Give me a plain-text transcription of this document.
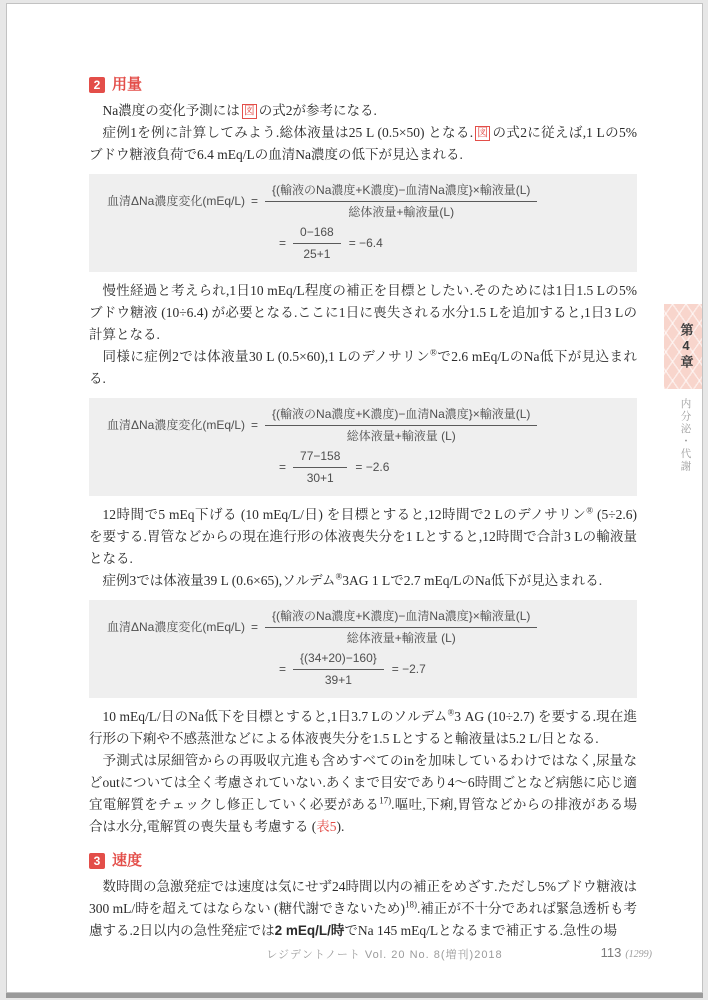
2 用量

Na濃度の変化予測には 図 の式2が参考になる.

症例1を例に計算してみよう.総体液量は25 L (0.5×50) となる. 図 の式2に従えば,1 Lの5%ブドウ糖液負荷で6.4 mEq/Lの血清Na濃度の低下が見込まれる.

血清ΔNa濃度変化$(mEq/L) = \frac{\text{\{(輸液のNa濃度+K濃度)−血清Na濃度\}×輸液量(L)}}{\text{総体液量+輸液量(L)}}$
= $\frac{0-168}{25+1} = -6.4$

慢性経過と考えられ,1日10 mEq/L程度の補正を目標としたい.そのためには1日1.5 Lの5%ブドウ糖液 (10÷6.4) が必要となる.ここに1日に喪失される水分1.5 Lを追加すると,1日3 Lの計算となる.

同様に症例2では体液量30 L (0.5×60),1 Lのデノサリン®で2.6 mEq/LのNa低下が見込まれる.

血清ΔNa濃度変化$(mEq/L) = \frac{\text{\{(輸液のNa濃度+K濃度)−血清Na濃度\}×輸液量(L)}}{\text{総体液量+輸液量 (L)}}$
= $\frac{77-158}{30+1} = -2.6$

12時間で5 mEq下げる (10 mEq/L/日) を目標とすると,12時間で2 Lのデノサリン® (5÷2.6) を要する.胃管などからの現在進行形の体液喪失分を1 Lとすると,12時間で合計3 Lの輸液量となる.

症例3では体液量39 L (0.6×65),ソルデム®3AG 1 Lで2.7 mEq/LのNa低下が見込まれる.

血清ΔNa濃度変化$(mEq/L) = \frac{\text{\{(輸液のNa濃度+K濃度)−血清Na濃度\}×輸液量(L)}}{\text{総体液量+輸液量 (L)}}$
= $\frac{\{(34+20)-160\}}{39+1} = -2.7$

10 mEq/L/日のNa低下を目標とすると,1日3.7 Lのソルデム®3 AG (10÷2.7) を要する.現在進行形の下痢や不感蒸泄などによる体液喪失分を1.5 Lとすると輸液量は5.2 L/日となる.

予測式は尿細管からの再吸収亢進も含めすべてのinを加味しているわけではなく,尿量などoutについては全く考慮されていない.あくまで目安であり4〜6時間ごとなど病態に応じ適宜電解質をチェックし修正していく必要がある$^{17)}$.嘔吐,下痢,胃管などからの排液がある場合は水分,電解質の喪失量も考慮する (表5).

3 速度

数時間の急激発症では速度は気にせず24時間以内の補正をめざす.ただし5%ブドウ糖液は300 mL/時を超えてはならない (糖代謝できないため)$^{18)}$.補正が不十分であれば緊急透析も考慮する.2日以内の急性発症では2 mEq/L/時でNa 145 mEq/Lとなるまで補正する.急性の場

第4章
内分泌・代謝
レジデントノート Vol. 20 No. 8(増刊)2018	113 (1299)
